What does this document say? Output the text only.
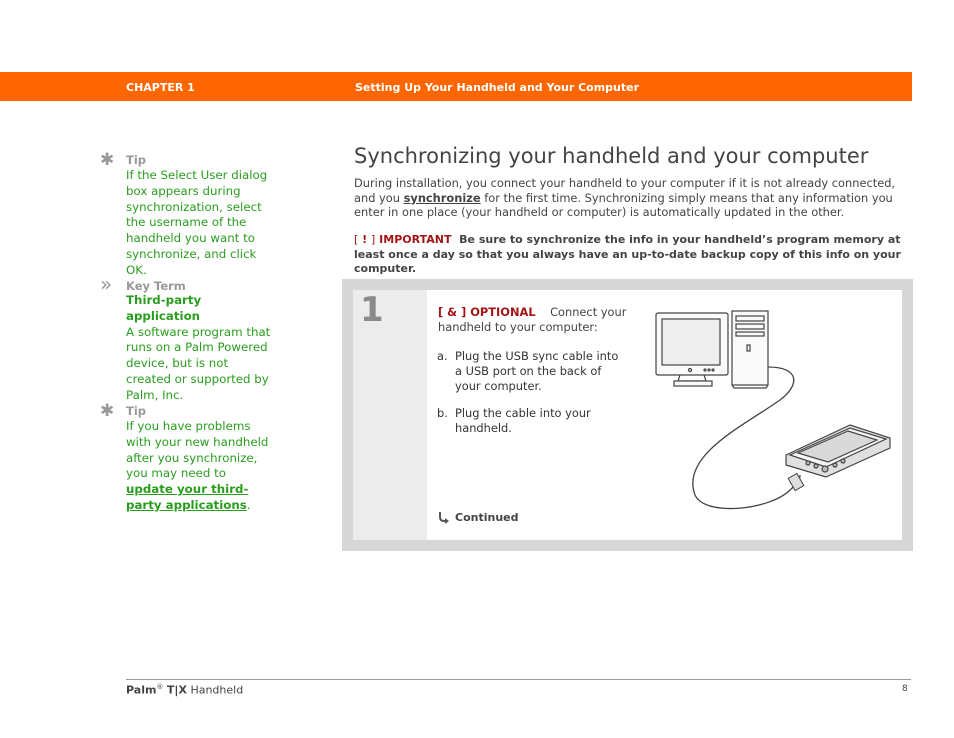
CHAPTER 1	Setting Up Your Handheld and Your Computer
✱ Tip
If the Select User dialog box appears during synchronization, select the username of the handheld you want to synchronize, and click OK.
» Key Term
Third-party application
A software program that runs on a Palm Powered device, but is not created or supported by Palm, Inc.
✱ Tip
If you have problems with your new handheld after you synchronize, you may need to update your third-party applications.
Synchronizing your handheld and your computer
During installation, you connect your handheld to your computer if it is not already connected, and you synchronize for the first time. Synchronizing simply means that any information you enter in one place (your handheld or computer) is automatically updated in the other.
[ ! ] IMPORTANT Be sure to synchronize the info in your handheld’s program memory at least once a day so that you always have an up-to-date backup copy of this info on your computer.
1	[ & ] OPTIONAL Connect your handheld to your computer:
a. Plug the USB sync cable into a USB port on the back of your computer.
b. Plug the cable into your handheld.
Continued
Palm® T|X Handheld	8
